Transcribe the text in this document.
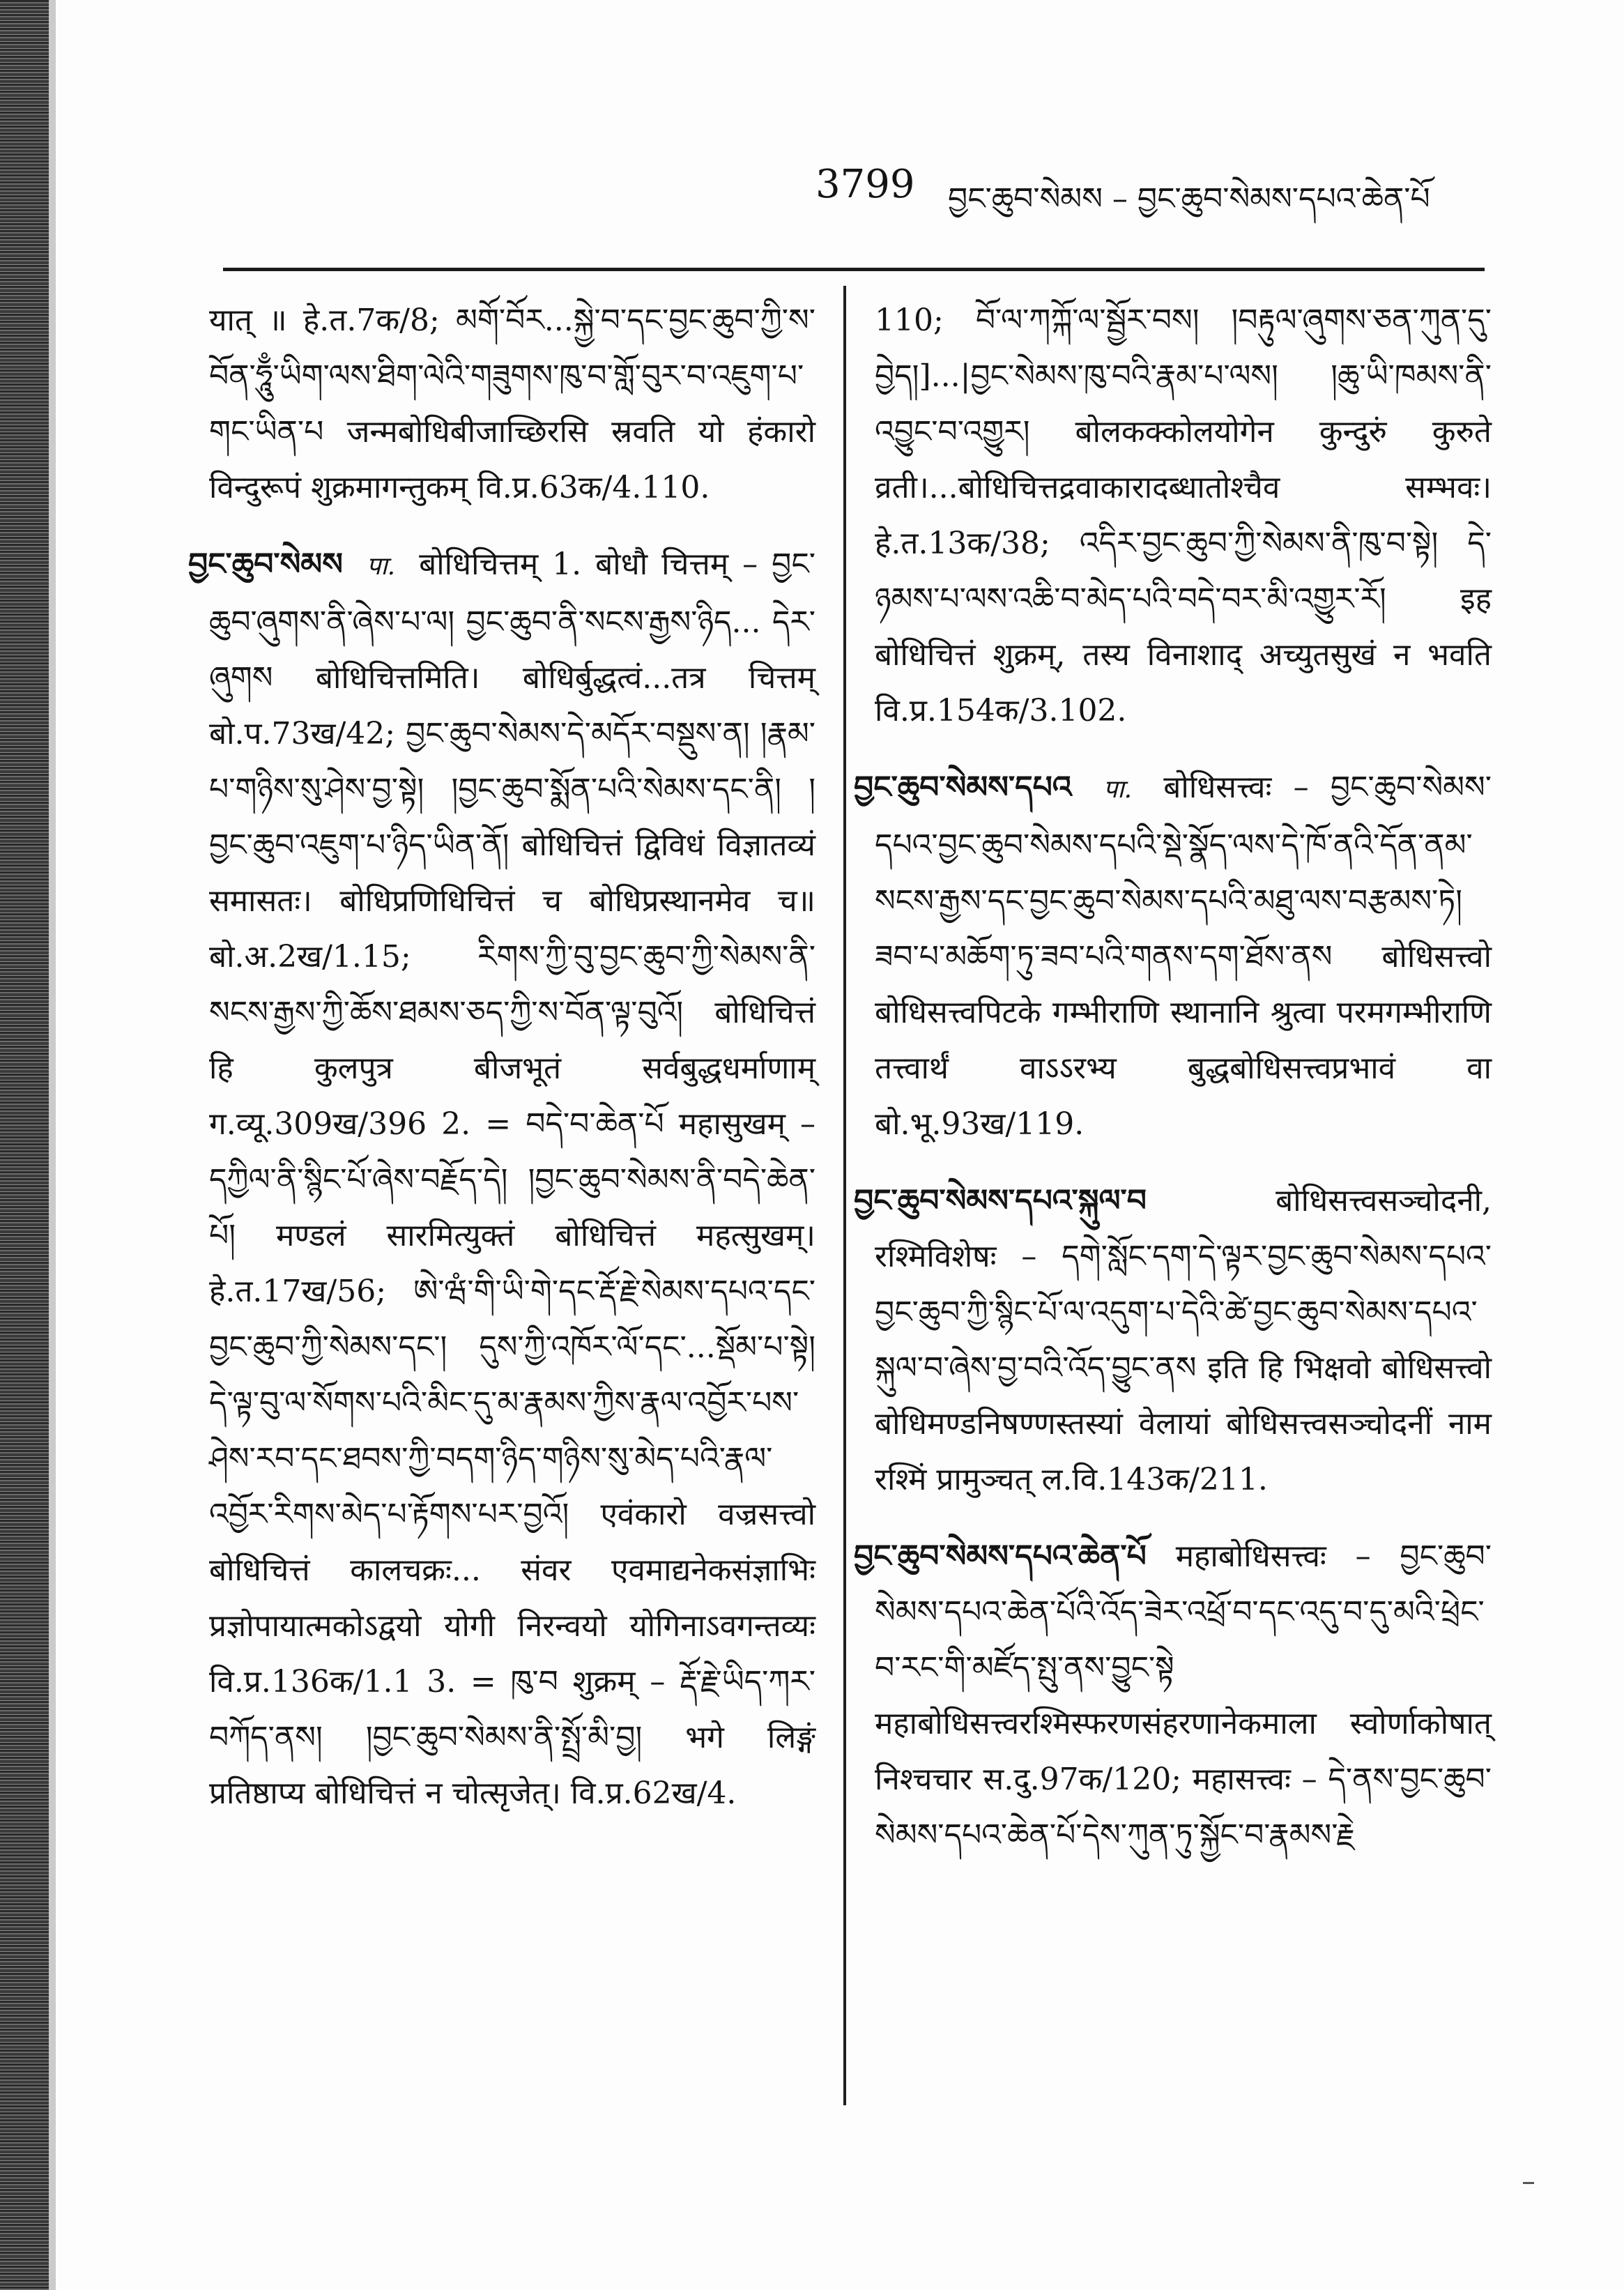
3799 བྱང་ཆུབ་སེམས – བྱང་ཆུབ་སེམས་དཔའ་ཆེན་པོ

यात् ॥ हे.त.7क/8; མགོ་བོར...སྐྱེ་བ་དང་བྱང་ཆུབ་ཀྱི་ས་བོན་ཧཱུྃ་ཡིག་ལས་ཐིག་ལེའི་གཟུགས་ཁུ་བ་གློ་བུར་བ་འཇུག་པ་གང་ཡིན་པ जन्मबोधिबीजाच्छिरसि स्रवति यो हंकारो विन्दुरूपं शुक्रमागन्तुकम् वि.प्र.63क/4.110.

བྱང་ཆུབ་སེམས पा. बोधिचित्तम् 1. बोधौ चित्तम् – བྱང་ཆུབ་ཞུགས་ནི་ཞེས་པ་ལ། བྱང་ཆུབ་ནི་སངས་རྒྱས་ཉིད... དེར་ཞུགས बोधिचित्तमिति। बोधिर्बुद्धत्वं...तत्र चित्तम् बो.प.73ख/42; བྱང་ཆུབ་སེམས་དེ་མདོར་བསྡུས་ན། །རྣམ་པ་གཉིས་སུ་ཤེས་བྱ་སྟེ། །བྱང་ཆུབ་སྨོན་པའི་སེམས་དང་ནི། །བྱང་ཆུབ་འཇུག་པ་ཉིད་ཡིན་ནོ། बोधिचित्तं द्विविधं विज्ञातव्यं समासतः। बोधिप्रणिधिचित्तं च बोधिप्रस्थानमेव च॥ बो.अ.2ख/1.15; རིགས་ཀྱི་བུ་བྱང་ཆུབ་ཀྱི་སེམས་ནི་སངས་རྒྱས་ཀྱི་ཆོས་ཐམས་ཅད་ཀྱི་ས་བོན་ལྟ་བུའོ། बोधिचित्तं हि कुलपुत्र बीजभूतं सर्वबुद्धधर्माणाम् ग.व्यू.309ख/396 2. = བདེ་བ་ཆེན་པོ महासुखम् – དཀྱིལ་ནི་སྙིང་པོ་ཞེས་བརྗོད་དེ། །བྱང་ཆུབ་སེམས་ནི་བདེ་ཆེན་པོ། मण्डलं सारमित्युक्तं बोधिचित्तं महत्सुखम्। हे.त.17ख/56; ཨེ་ཝཾ་གི་ཡི་གེ་དང་རྡོ་རྗེ་སེམས་དཔའ་དང་བྱང་ཆུབ་ཀྱི་སེམས་དང་། དུས་ཀྱི་འཁོར་ལོ་དང་...སྡོམ་པ་སྟེ། དེ་ལྟ་བུ་ལ་སོགས་པའི་མིང་དུ་མ་རྣམས་ཀྱིས་རྣལ་འབྱོར་པས་ཤེས་རབ་དང་ཐབས་ཀྱི་བདག་ཉིད་གཉིས་སུ་མེད་པའི་རྣལ་འབྱོར་རིགས་མེད་པ་རྟོགས་པར་བྱའོ། एवंकारो वज्रसत्त्वो बोधिचित्तं कालचक्रः... संवर एवमाद्यनेकसंज्ञाभिः प्रज्ञोपायात्मकोऽद्वयो योगी निरन्वयो योगिनाऽवगन्तव्यः वि.प्र.136क/1.1 3. = ཁུ་བ शुक्रम् – རྡོ་རྗེ་ཡིད་ཀར་བཀོད་ནས། །བྱང་ཆུབ་སེམས་ནི་སྤྲོ་མི་བྱ། भगे लिङ्गं प्रतिष्ठाप्य बोधिचित्तं न चोत्सृजेत्। वि.प्र.62ख/4.

110; བོ་ལ་ཀཀྐོ་ལ་སྦྱོར་བས། །བརྟུལ་ཞུགས་ཅན་ཀུན་དུ་བྱེད།]...|བྱང་སེམས་ཁུ་བའི་རྣམ་པ་ལས། །ཆུ་ཡི་ཁམས་ནི་འབྱུང་བ་འགྱུར། बोलकक्कोलयोगेन कुन्दुरुं कुरुते व्रती।...बोधिचित्तद्रवाकारादब्धातोश्चैव सम्भवः। हे.त.13क/38; འདིར་བྱང་ཆུབ་ཀྱི་སེམས་ནི་ཁུ་བ་སྟེ། དེ་ཉམས་པ་ལས་འཆི་བ་མེད་པའི་བདེ་བར་མི་འགྱུར་རོ། इह बोधिचित्तं शुक्रम्, तस्य विनाशाद् अच्युतसुखं न भवति वि.प्र.154क/3.102.

བྱང་ཆུབ་སེམས་དཔའ पा. बोधिसत्त्वः – བྱང་ཆུབ་སེམས་དཔའ་བྱང་ཆུབ་སེམས་དཔའི་སྡེ་སྣོད་ལས་དེ་ཁོ་ནའི་དོན་ནམ་སངས་རྒྱས་དང་བྱང་ཆུབ་སེམས་དཔའི་མཐུ་ལས་བརྩམས་ཏེ། ཟབ་པ་མཆོག་ཏུ་ཟབ་པའི་གནས་དག་ཐོས་ནས बोधिसत्त्वो बोधिसत्त्वपिटके गम्भीराणि स्थानानि श्रुत्वा परमगम्भीराणि तत्त्वार्थं वाऽऽरभ्य बुद्धबोधिसत्त्वप्रभावं वा बो.भू.93ख/119.

བྱང་ཆུབ་སེམས་དཔའ་སྐུལ་བ	बोधिसत्त्वसञ्चोदनी, रश्मिविशेषः – དགེ་སློང་དག་དེ་ལྟར་བྱང་ཆུབ་སེམས་དཔའ་བྱང་ཆུབ་ཀྱི་སྙིང་པོ་ལ་འདུག་པ་དེའི་ཚེ་བྱང་ཆུབ་སེམས་དཔའ་སྐུལ་བ་ཞེས་བྱ་བའི་འོད་བྱུང་ནས इति हि भिक्षवो बोधिसत्त्वो बोधिमण्डनिषण्णस्तस्यां वेलायां बोधिसत्त्वसञ्चोदनीं नाम रश्मिं प्रामुञ्चत् ल.वि.143क/211.

བྱང་ཆུབ་སེམས་དཔའ་ཆེན་པོ महाबोधिसत्त्वः – བྱང་ཆུབ་སེམས་དཔའ་ཆེན་པོའི་འོད་ཟེར་འཕྲོ་བ་དང་འདུ་བ་དུ་མའི་ཕྲེང་བ་རང་གི་མཛོད་སྤུ་ནས་བྱུང་སྟེ महाबोधिसत्त्वरश्मिस्फरणसंहरणानेकमाला स्वोर्णाकोषात् निश्चचार स.दु.97क/120; महासत्त्वः – དེ་ནས་བྱང་ཆུབ་སེམས་དཔའ་ཆེན་པོ་དེས་ཀུན་ཏུ་སྐྱོང་བ་རྣམས་རྗེ
